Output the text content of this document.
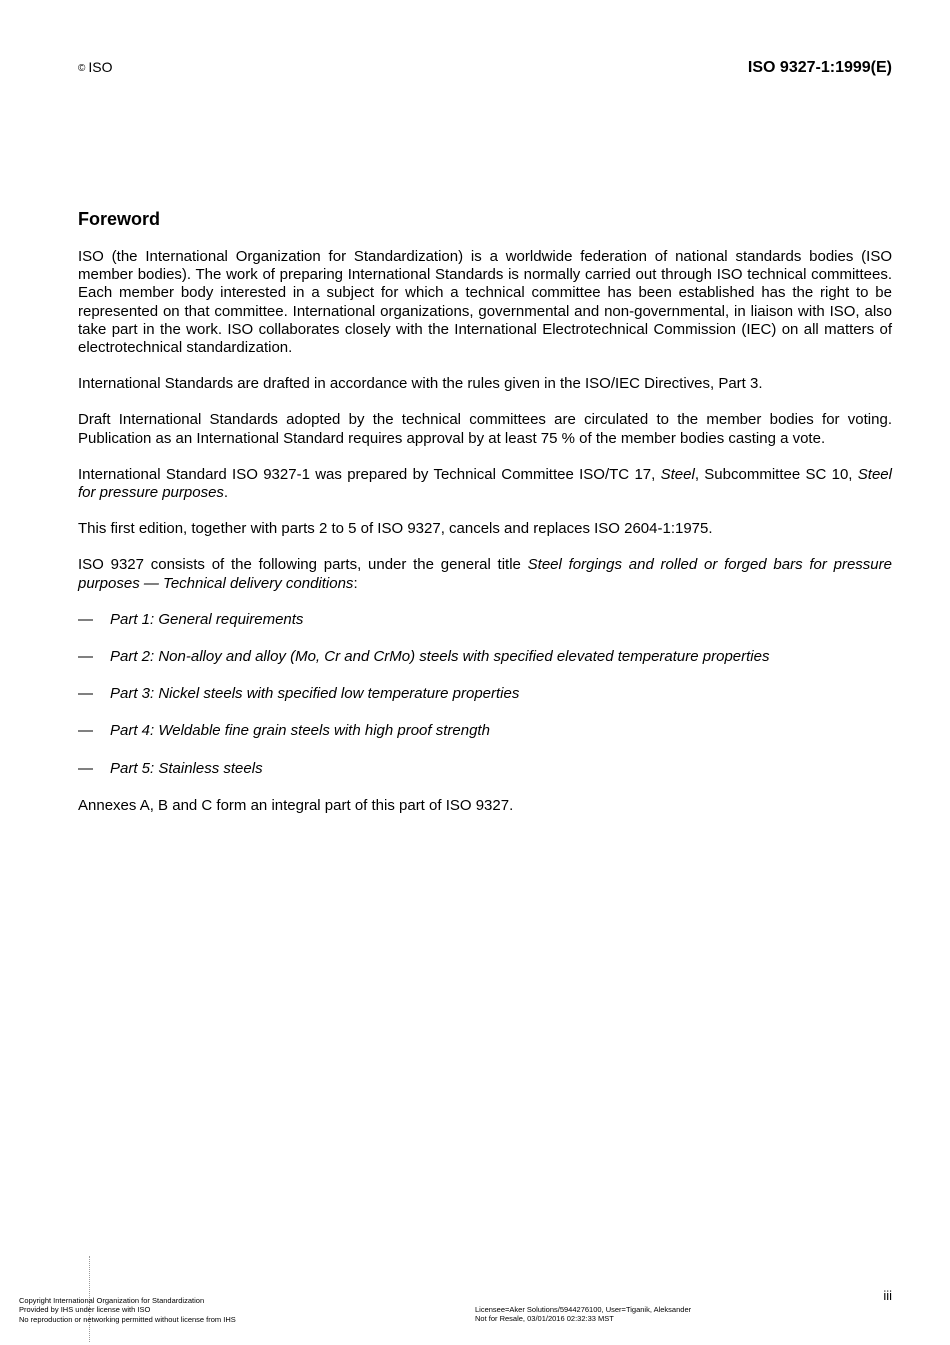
© ISO	ISO 9327-1:1999(E)
Foreword

ISO (the International Organization for Standardization) is a worldwide federation of national standards bodies (ISO member bodies). The work of preparing International Standards is normally carried out through ISO technical committees. Each member body interested in a subject for which a technical committee has been established has the right to be represented on that committee. International organizations, governmental and non-governmental, in liaison with ISO, also take part in the work. ISO collaborates closely with the International Electrotechnical Commission (IEC) on all matters of electrotechnical standardization.

International Standards are drafted in accordance with the rules given in the ISO/IEC Directives, Part 3.

Draft International Standards adopted by the technical committees are circulated to the member bodies for voting. Publication as an International Standard requires approval by at least 75 % of the member bodies casting a vote.

International Standard ISO 9327-1 was prepared by Technical Committee ISO/TC 17, Steel, Subcommittee SC 10, Steel for pressure purposes.

This first edition, together with parts 2 to 5 of ISO 9327, cancels and replaces ISO 2604-1:1975.

ISO 9327 consists of the following parts, under the general title Steel forgings and rolled or forged bars for pressure purposes — Technical delivery conditions:

—	Part 1: General requirements
—	Part 2: Non-alloy and alloy (Mo, Cr and CrMo) steels with specified elevated temperature properties
—	Part 3: Nickel steels with specified low temperature properties
—	Part 4: Weldable fine grain steels with high proof strength
—	Part 5: Stainless steels

Annexes A, B and C form an integral part of this part of ISO 9327.

iii
Copyright International Organization for Standardization
Provided by IHS under license with ISO
No reproduction or networking permitted without license from IHS
Licensee=Aker Solutions/5944276100, User=Tiganik, Aleksander
Not for Resale, 03/01/2016 02:32:33 MST
